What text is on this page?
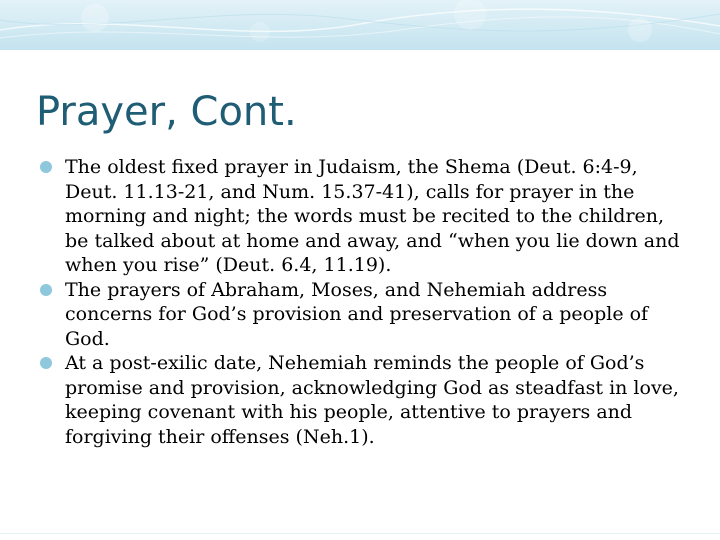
Prayer, Cont.
The oldest fixed prayer in Judaism, the Shema (Deut. 6:4-9, Deut. 11.13-21, and Num. 15.37-41), calls for prayer in the morning and night; the words must be recited to the children, be talked about at home and away, and “when you lie down and when you rise” (Deut. 6.4, 11.19).
The prayers of Abraham, Moses, and Nehemiah address concerns for God’s provision and preservation of a people of God.
At a post-exilic date, Nehemiah reminds the people of God’s promise and provision, acknowledging God as steadfast in love, keeping covenant with his people, attentive to prayers and forgiving their offenses (Neh.1).
